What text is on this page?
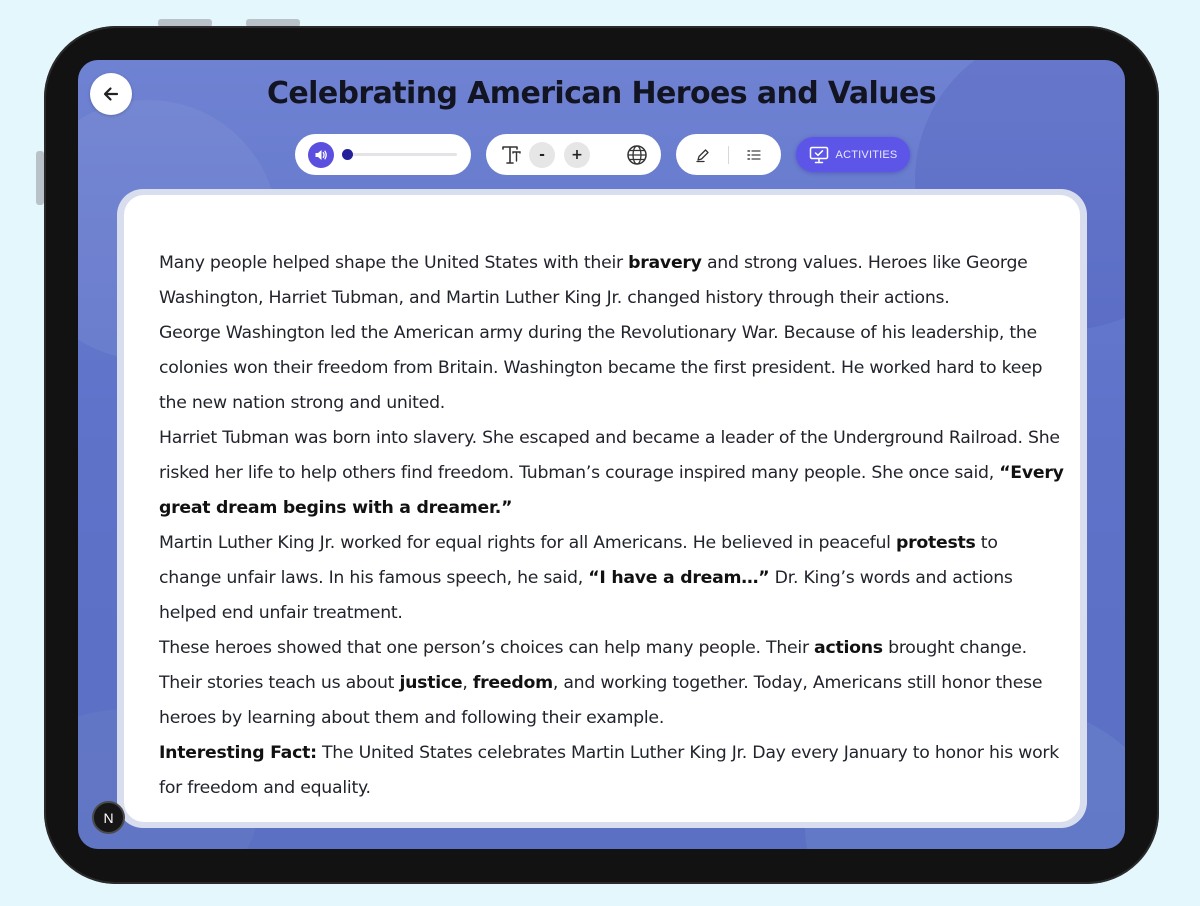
Celebrating American Heroes and Values
-	+	ACTIVITIES

Many people helped shape the United States with their bravery and strong values. Heroes like George Washington, Harriet Tubman, and Martin Luther King Jr. changed history through their actions.

George Washington led the American army during the Revolutionary War. Because of his leadership, the colonies won their freedom from Britain. Washington became the first president. He worked hard to keep the new nation strong and united.

Harriet Tubman was born into slavery. She escaped and became a leader of the Underground Railroad. She risked her life to help others find freedom. Tubman’s courage inspired many people. She once said, “Every great dream begins with a dreamer.”

Martin Luther King Jr. worked for equal rights for all Americans. He believed in peaceful protests to change unfair laws. In his famous speech, he said, “I have a dream…” Dr. King’s words and actions helped end unfair treatment.

These heroes showed that one person’s choices can help many people. Their actions brought change. Their stories teach us about justice, freedom, and working together. Today, Americans still honor these heroes by learning about them and following their example.

Interesting Fact: The United States celebrates Martin Luther King Jr. Day every January to honor his work for freedom and equality.

N
